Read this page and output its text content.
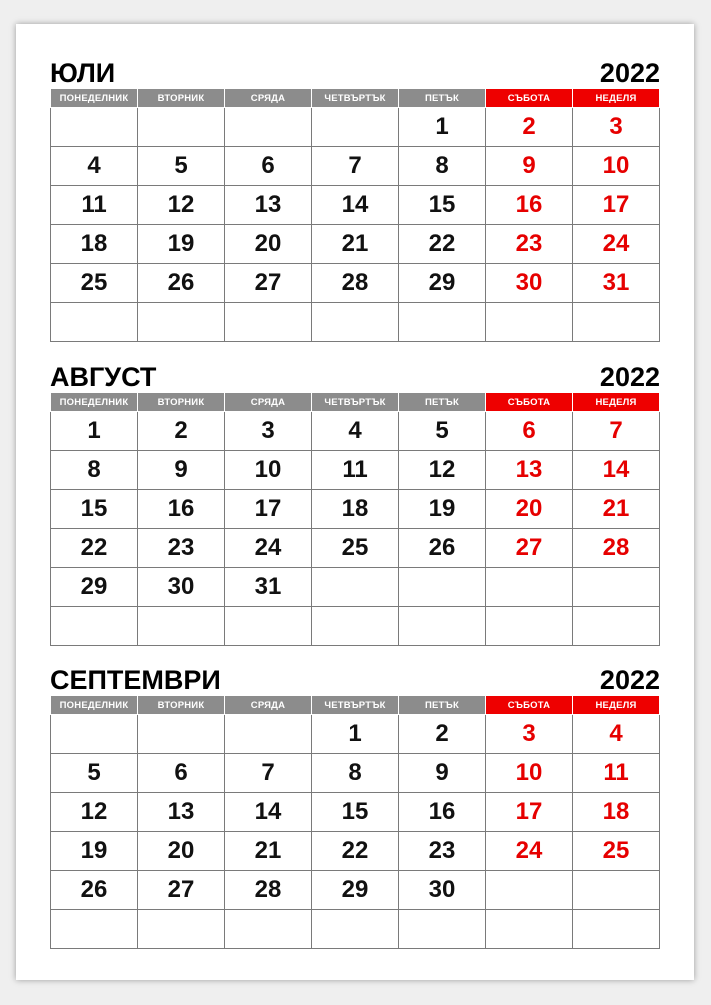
ЮЛИ	2022
ПОНЕДЕЛНИК	ВТОРНИК	СРЯДА	ЧЕТВЪРТЪК	ПЕТЪК	СЪБОТА	НЕДЕЛЯ
				1	2	3
4	5	6	7	8	9	10
11	12	13	14	15	16	17
18	19	20	21	22	23	24
25	26	27	28	29	30	31

АВГУСТ	2022
ПОНЕДЕЛНИК	ВТОРНИК	СРЯДА	ЧЕТВЪРТЪК	ПЕТЪК	СЪБОТА	НЕДЕЛЯ
1	2	3	4	5	6	7
8	9	10	11	12	13	14
15	16	17	18	19	20	21
22	23	24	25	26	27	28
29	30	31				

СЕПТЕМВРИ	2022
ПОНЕДЕЛНИК	ВТОРНИК	СРЯДА	ЧЕТВЪРТЪК	ПЕТЪК	СЪБОТА	НЕДЕЛЯ
			1	2	3	4
5	6	7	8	9	10	11
12	13	14	15	16	17	18
19	20	21	22	23	24	25
26	27	28	29	30		
